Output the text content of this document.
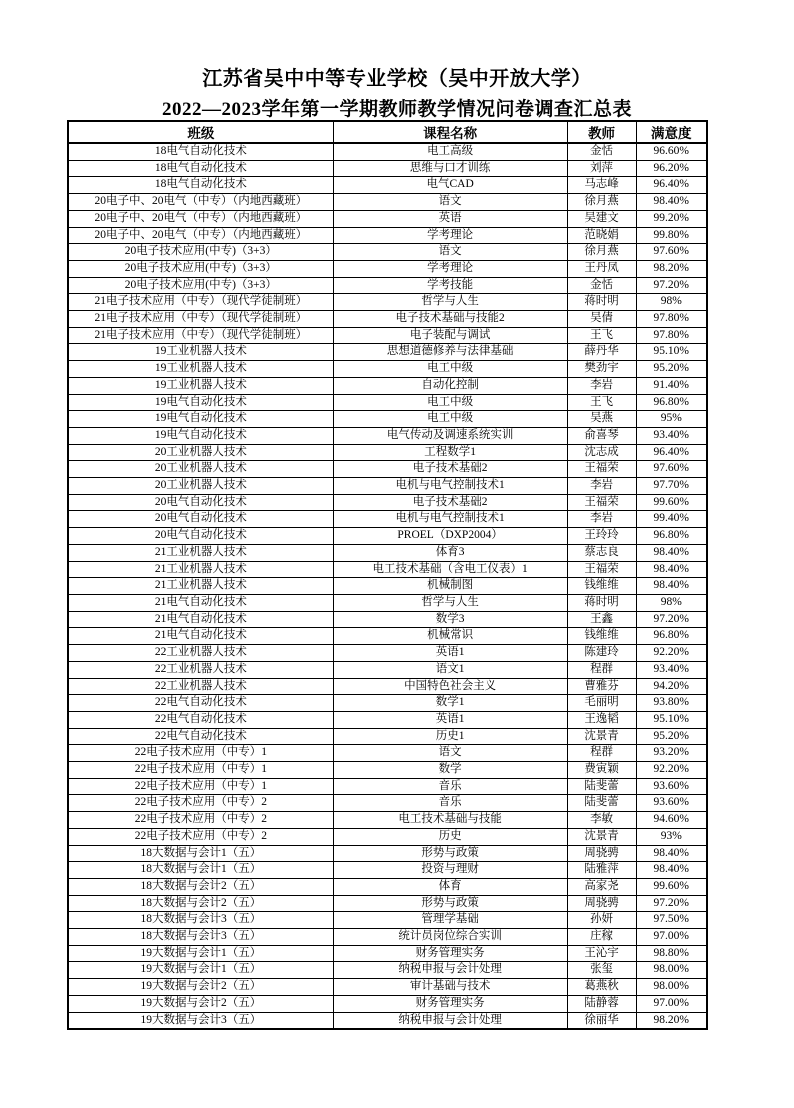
江苏省吴中中等专业学校（吴中开放大学）
2022—2023学年第一学期教师教学情况问卷调查汇总表
班级	课程名称	教师	满意度
18电气自动化技术	电工高级	金恬	96.60%
18电气自动化技术	思维与口才训练	刘萍	96.20%
18电气自动化技术	电气CAD	马志峰	96.40%
20电子中、20电气（中专）（内地西藏班）	语文	徐月燕	98.40%
20电子中、20电气（中专）（内地西藏班）	英语	吴建文	99.20%
20电子中、20电气（中专）（内地西藏班）	学考理论	范晓娟	99.80%
20电子技术应用(中专)（3+3）	语文	徐月燕	97.60%
20电子技术应用(中专)（3+3）	学考理论	王丹凤	98.20%
20电子技术应用(中专)（3+3）	学考技能	金恬	97.20%
21电子技术应用（中专）（现代学徒制班）	哲学与人生	蒋时明	98%
21电子技术应用（中专）（现代学徒制班）	电子技术基础与技能2	吴倩	97.80%
21电子技术应用（中专）（现代学徒制班）	电子装配与调试	王飞	97.80%
19工业机器人技术	思想道德修养与法律基础	薛丹华	95.10%
19工业机器人技术	电工中级	樊劲宇	95.20%
19工业机器人技术	自动化控制	李岩	91.40%
19电气自动化技术	电工中级	王飞	96.80%
19电气自动化技术	电工中级	吴燕	95%
19电气自动化技术	电气传动及调速系统实训	俞喜琴	93.40%
20工业机器人技术	工程数学1	沈志成	96.40%
20工业机器人技术	电子技术基础2	王福荣	97.60%
20工业机器人技术	电机与电气控制技术1	李岩	97.70%
20电气自动化技术	电子技术基础2	王福荣	99.60%
20电气自动化技术	电机与电气控制技术1	李岩	99.40%
20电气自动化技术	PROEL（DXP2004）	王玲玲	96.80%
21工业机器人技术	体育3	蔡志良	98.40%
21工业机器人技术	电工技术基础（含电工仪表）1	王福荣	98.40%
21工业机器人技术	机械制图	钱维维	98.40%
21电气自动化技术	哲学与人生	蒋时明	98%
21电气自动化技术	数学3	王鑫	97.20%
21电气自动化技术	机械常识	钱维维	96.80%
22工业机器人技术	英语1	陈建玲	92.20%
22工业机器人技术	语文1	程群	93.40%
22工业机器人技术	中国特色社会主义	曹雅芬	94.20%
22电气自动化技术	数学1	毛丽明	93.80%
22电气自动化技术	英语1	王逸韬	95.10%
22电气自动化技术	历史1	沈景青	95.20%
22电子技术应用（中专）1	语文	程群	93.20%
22电子技术应用（中专）1	数学	费寅颖	92.20%
22电子技术应用（中专）1	音乐	陆斐蕾	93.60%
22电子技术应用（中专）2	音乐	陆斐蕾	93.60%
22电子技术应用（中专）2	电工技术基础与技能	李敏	94.60%
22电子技术应用（中专）2	历史	沈景青	93%
18大数据与会计1（五）	形势与政策	周骁骋	98.40%
18大数据与会计1（五）	投资与理财	陆雅萍	98.40%
18大数据与会计2（五）	体育	高家尧	99.60%
18大数据与会计2（五）	形势与政策	周骁骋	97.20%
18大数据与会计3（五）	管理学基础	孙妍	97.50%
18大数据与会计3（五）	统计员岗位综合实训	庄稼	97.00%
19大数据与会计1（五）	财务管理实务	王沁宇	98.80%
19大数据与会计1（五）	纳税申报与会计处理	张玺	98.00%
19大数据与会计2（五）	审计基础与技术	葛燕秋	98.00%
19大数据与会计2（五）	财务管理实务	陆静蓉	97.00%
19大数据与会计3（五）	纳税申报与会计处理	徐丽华	98.20%
